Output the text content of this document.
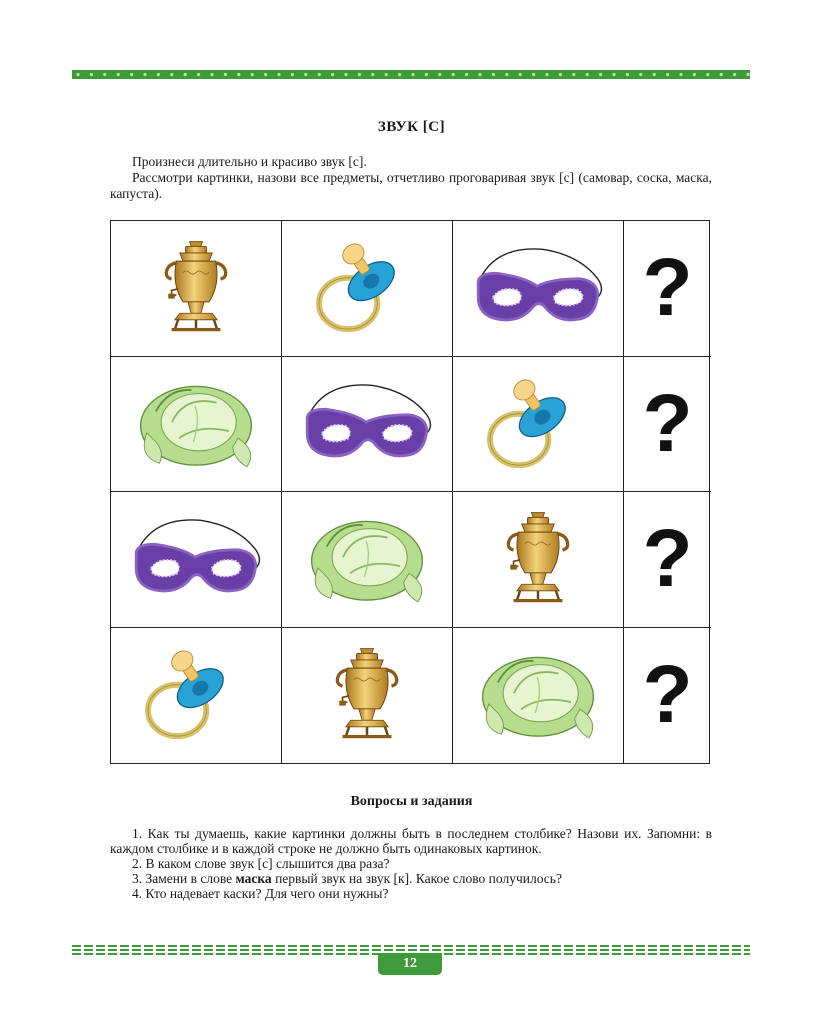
ЗВУК [С]

Произнеси длительно и красиво звук [с].

Рассмотри картинки, назови все предметы, отчетливо проговаривая звук [с] (самовар, соска, маска, капуста).

?
?
?
?
Вопросы и задания

1. Как ты думаешь, какие картинки должны быть в последнем столбике? Назови их. Запомни: в каждом столбике и в каждой строке не должно быть одинаковых картинок.

2. В каком слове звук [с] слышится два раза?

3. Замени в слове маска первый звук на звук [к]. Какое слово получилось?

4. Кто надевает каски? Для чего они нужны?

12
